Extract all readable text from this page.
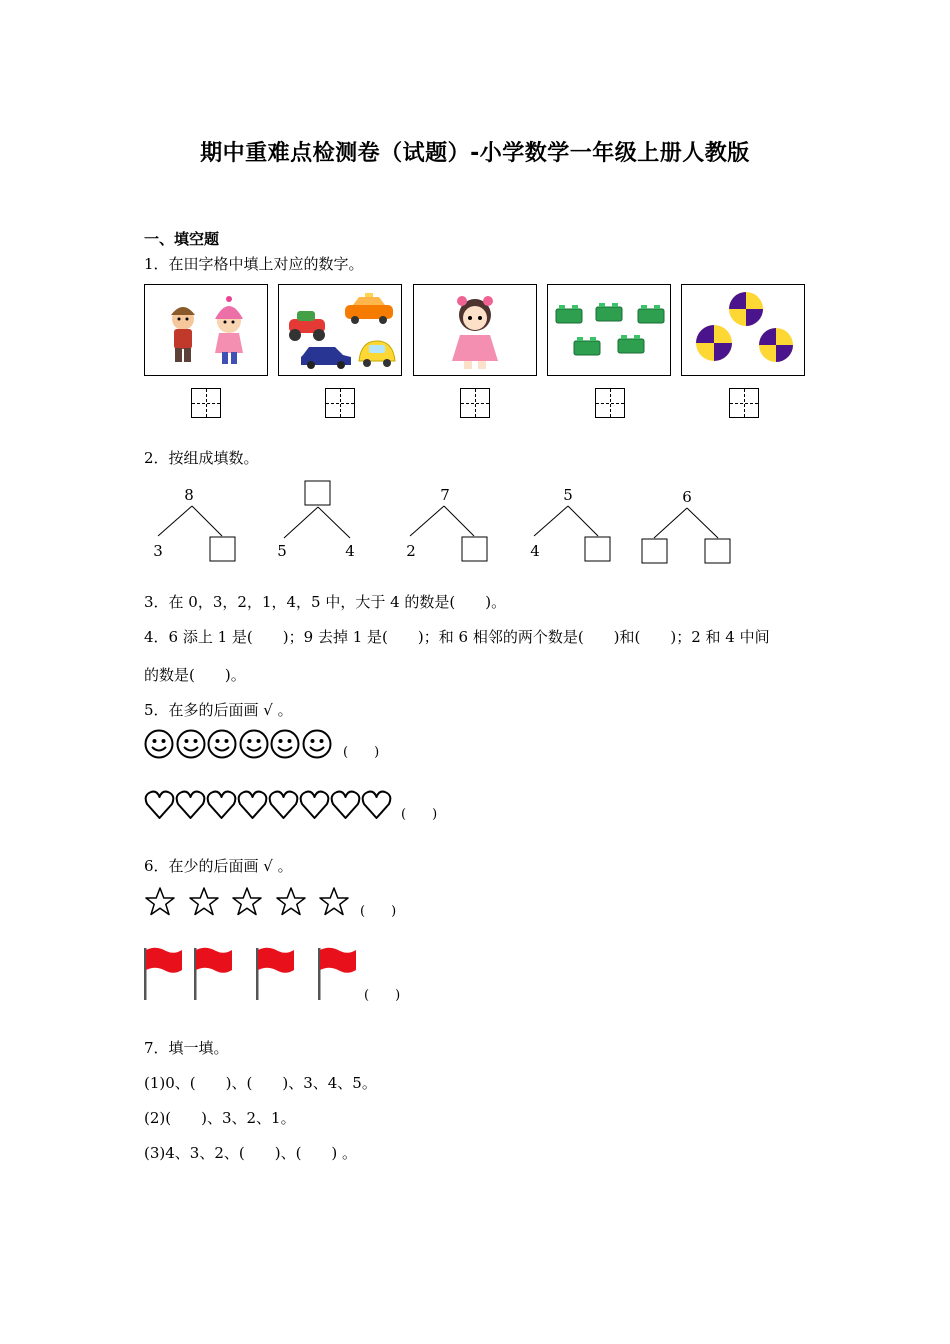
期中重难点检测卷（试题）-小学数学一年级上册人教版
一、填空题
1．在田字格中填上对应的数字。
2．按组成填数。
8
3	5	4
7
2
5
4
6
3．在 0，3，2，1，4，5 中，大于 4 的数是(　　)。
4．6 添上 1 是(　　)；9 去掉 1 是(　　)；和 6 相邻的两个数是(　　)和(　　)；2 和 4 中间
的数是(　　)。
5．在多的后面画 √ 。
(　　)
(　　)
6．在少的后面画 √ 。
(　　)
(　　)
7．填一填。
(1)0、(　　)、(　　)、3、4、5。
(2)(　　)、3、2、1。
(3)4、3、2、(　　)、(　　) 。
